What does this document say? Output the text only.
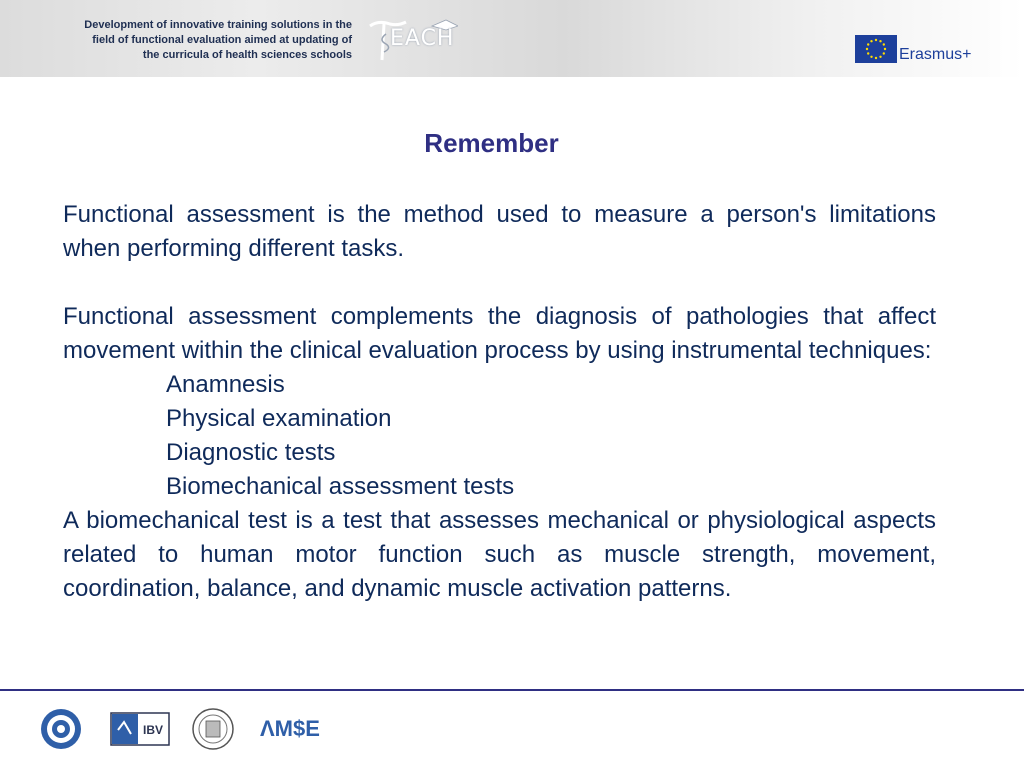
Development of innovative training solutions in the
field of functional evaluation aimed at updating of
the curricula of health sciences schools
EACH
Erasmus+
Remember

Functional assessment is the method used to measure a person's limitations when performing different tasks.

Functional assessment complements the diagnosis of pathologies that affect movement within the clinical evaluation process by using instrumental techniques:

Anamnesis
Physical examination
Diagnostic tests
Biomechanical assessment tests

A biomechanical test is a test that assesses mechanical or physiological aspects related to human motor function such as muscle strength, movement, coordination, balance, and dynamic muscle activation patterns.

IBV	ΛM$E
